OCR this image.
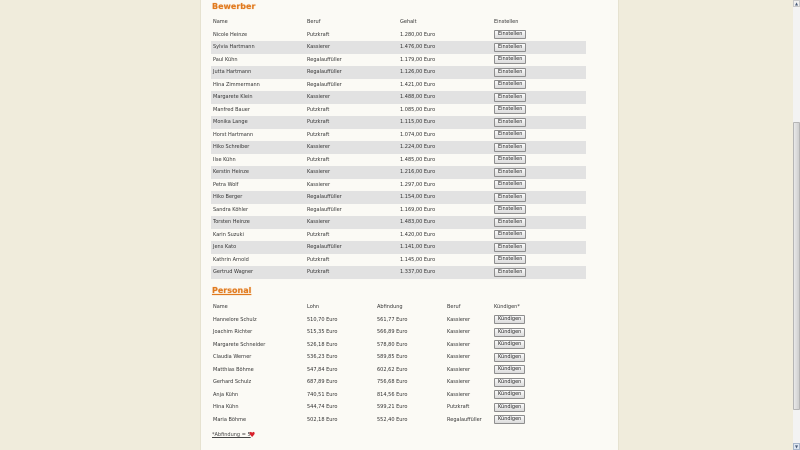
Bewerber
Name	Beruf	Gehalt	Einstellen
Nicole Heinze	Putzkraft	1.280,00 Euro	Einstellen
Sylvia Hartmann	Kassierer	1.476,00 Euro	Einstellen
Paul Kühn	Regalauffüller	1.179,00 Euro	Einstellen
Jutta Hartmann	Regalauffüller	1.126,00 Euro	Einstellen
Hina Zimmermann	Regalauffüller	1.421,00 Euro	Einstellen
Margarete Klein	Kassierer	1.488,00 Euro	Einstellen
Manfred Bauer	Putzkraft	1.085,00 Euro	Einstellen
Monika Lange	Putzkraft	1.115,00 Euro	Einstellen
Horst Hartmann	Putzkraft	1.074,00 Euro	Einstellen
Hiko Schreiber	Kassierer	1.224,00 Euro	Einstellen
Ilse Kühn	Putzkraft	1.485,00 Euro	Einstellen
Kerstin Heinze	Kassierer	1.216,00 Euro	Einstellen
Petra Wolf	Kassierer	1.297,00 Euro	Einstellen
Hiko Berger	Regalauffüller	1.154,00 Euro	Einstellen
Sandra Köhler	Regalauffüller	1.169,00 Euro	Einstellen
Torsten Heinze	Kassierer	1.483,00 Euro	Einstellen
Karin Suzuki	Putzkraft	1.420,00 Euro	Einstellen
Jens Kato	Regalauffüller	1.141,00 Euro	Einstellen
Kathrin Arnold	Putzkraft	1.145,00 Euro	Einstellen
Gertrud Wagner	Putzkraft	1.337,00 Euro	Einstellen
Personal
Name	Lohn	Abfindung	Beruf	Kündigen*
Hannelore Schulz	510,70 Euro	561,77 Euro	Kassierer	Kündigen
Joachim Richter	515,35 Euro	566,89 Euro	Kassierer	Kündigen
Margarete Schneider	526,18 Euro	578,80 Euro	Kassierer	Kündigen
Claudia Werner	536,23 Euro	589,85 Euro	Kassierer	Kündigen
Matthias Böhme	547,84 Euro	602,62 Euro	Kassierer	Kündigen
Gerhard Schulz	687,89 Euro	756,68 Euro	Kassierer	Kündigen
Anja Kühn	740,51 Euro	814,56 Euro	Kassierer	Kündigen
Hina Kühn	544,74 Euro	599,21 Euro	Putzkraft	Kündigen
Maria Böhme	502,18 Euro	552,40 Euro	Regalauffüller	Kündigen
*Abfindung = 5
♥
▲
▼
